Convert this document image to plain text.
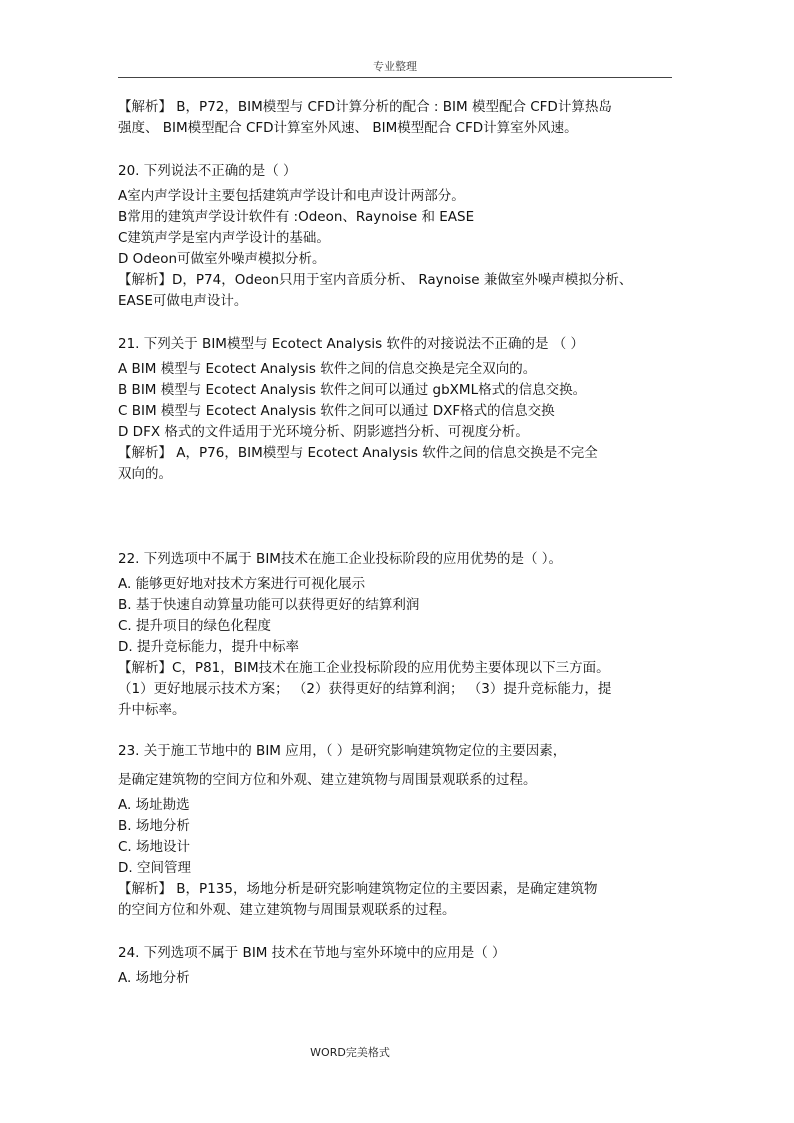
专业整理
【解析】 B，P72，BIM模型与 CFD计算分析的配合 : BIM 模型配合 CFD计算热岛
强度、 BIM模型配合 CFD计算室外风速、 BIM模型配合 CFD计算室外风速。
20. 下列说法不正确的是（ ）
A室内声学设计主要包括建筑声学设计和电声设计两部分。
B常用的建筑声学设计软件有 :Odeon、Raynoise 和 EASE
C建筑声学是室内声学设计的基础。
D Odeon可做室外噪声模拟分析。
【解析】D，P74，Odeon只用于室内音质分析、 Raynoise 兼做室外噪声模拟分析、
EASE可做电声设计。
21. 下列关于 BIM模型与 Ecotect Analysis 软件的对接说法不正确的是 （ ）
A BIM 模型与 Ecotect Analysis 软件之间的信息交换是完全双向的。
B BIM 模型与 Ecotect Analysis 软件之间可以通过 gbXML格式的信息交换。
C BIM 模型与 Ecotect Analysis 软件之间可以通过 DXF格式的信息交换
D DFX 格式的文件适用于光环境分析、阴影遮挡分析、可视度分析。
【解析】 A，P76，BIM模型与 Ecotect Analysis 软件之间的信息交换是不完全
双向的。
22. 下列选项中不属于 BIM技术在施工企业投标阶段的应用优势的是（ ）。
A. 能够更好地对技术方案进行可视化展示
B. 基于快速自动算量功能可以获得更好的结算利润
C. 提升项目的绿色化程度
D. 提升竞标能力，提升中标率
【解析】C，P81，BIM技术在施工企业投标阶段的应用优势主要体现以下三方面。
（1）更好地展示技术方案； （2）获得更好的结算利润； （3）提升竞标能力，提
升中标率。
23. 关于施工节地中的 BIM 应用，（ ）是研究影响建筑物定位的主要因素，
是确定建筑物的空间方位和外观、建立建筑物与周围景观联系的过程。
A. 场址勘选
B. 场地分析
C. 场地设计
D. 空间管理
【解析】 B，P135，场地分析是研究影响建筑物定位的主要因素，是确定建筑物
的空间方位和外观、建立建筑物与周围景观联系的过程。
24. 下列选项不属于 BIM 技术在节地与室外环境中的应用是（ ）
A. 场地分析
WORD完美格式
